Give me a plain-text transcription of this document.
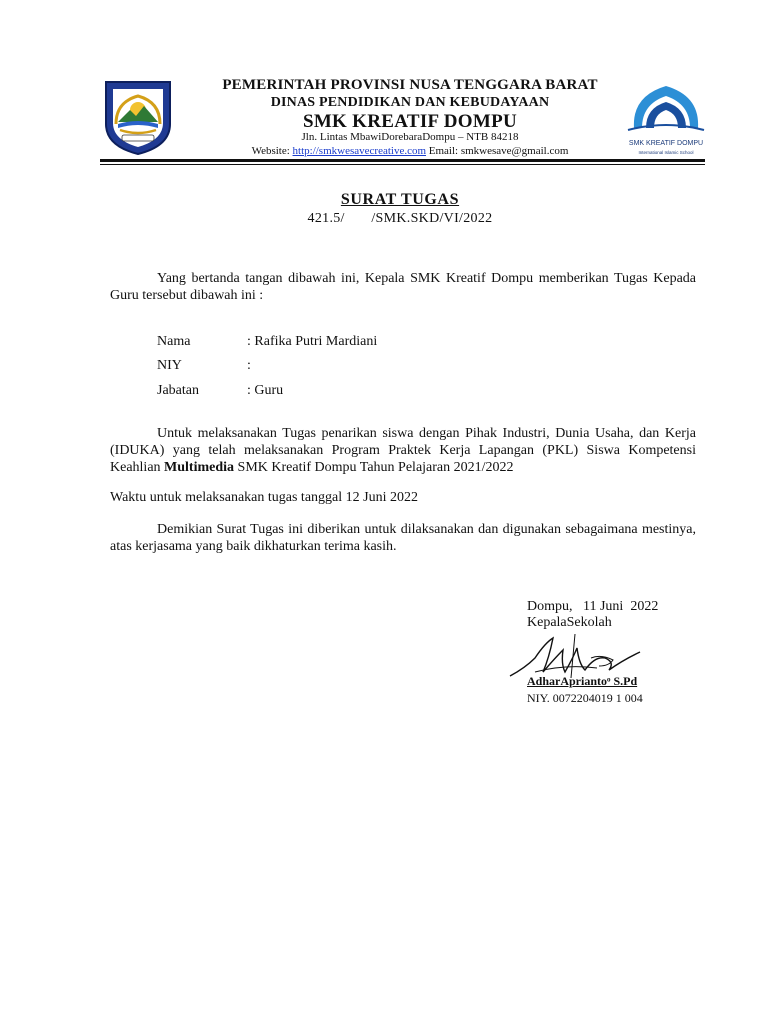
PEMERINTAH PROVINSI NUSA TENGGARA BARAT
DINAS PENDIDIKAN DAN KEBUDAYAAN
SMK KREATIF DOMPU
Jln. Lintas MbawiDorebaraDompu – NTB 84218
Website: http://smkwesavecreative.com Email: smkwesave@gmail.com
SMK KREATIF DOMPU
International Islamic School
SURAT TUGAS
421.5/       /SMK.SKD/VI/2022
Yang bertanda tangan dibawah ini, Kepala SMK Kreatif Dompu memberikan Tugas Kepada Guru tersebut dibawah ini :
Nama	: Rafika Putri Mardiani
NIY	:
Jabatan	: Guru
Untuk melaksanakan Tugas penarikan siswa dengan Pihak Industri, Dunia Usaha, dan Kerja (IDUKA) yang telah melaksanakan Program Praktek Kerja Lapangan (PKL) Siswa Kompetensi Keahlian Multimedia SMK Kreatif Dompu Tahun Pelajaran 2021/2022
Waktu untuk melaksanakan tugas tanggal 12 Juni 2022
Demikian Surat Tugas ini diberikan untuk dilaksanakan dan digunakan sebagaimana mestinya, atas kerjasama yang baik dikhaturkan terima kasih.
Dompu,   11 Juni  2022
KepalaSekolah
AdharApriantoᵒ S.Pd
NIY. 0072204019 1 004
